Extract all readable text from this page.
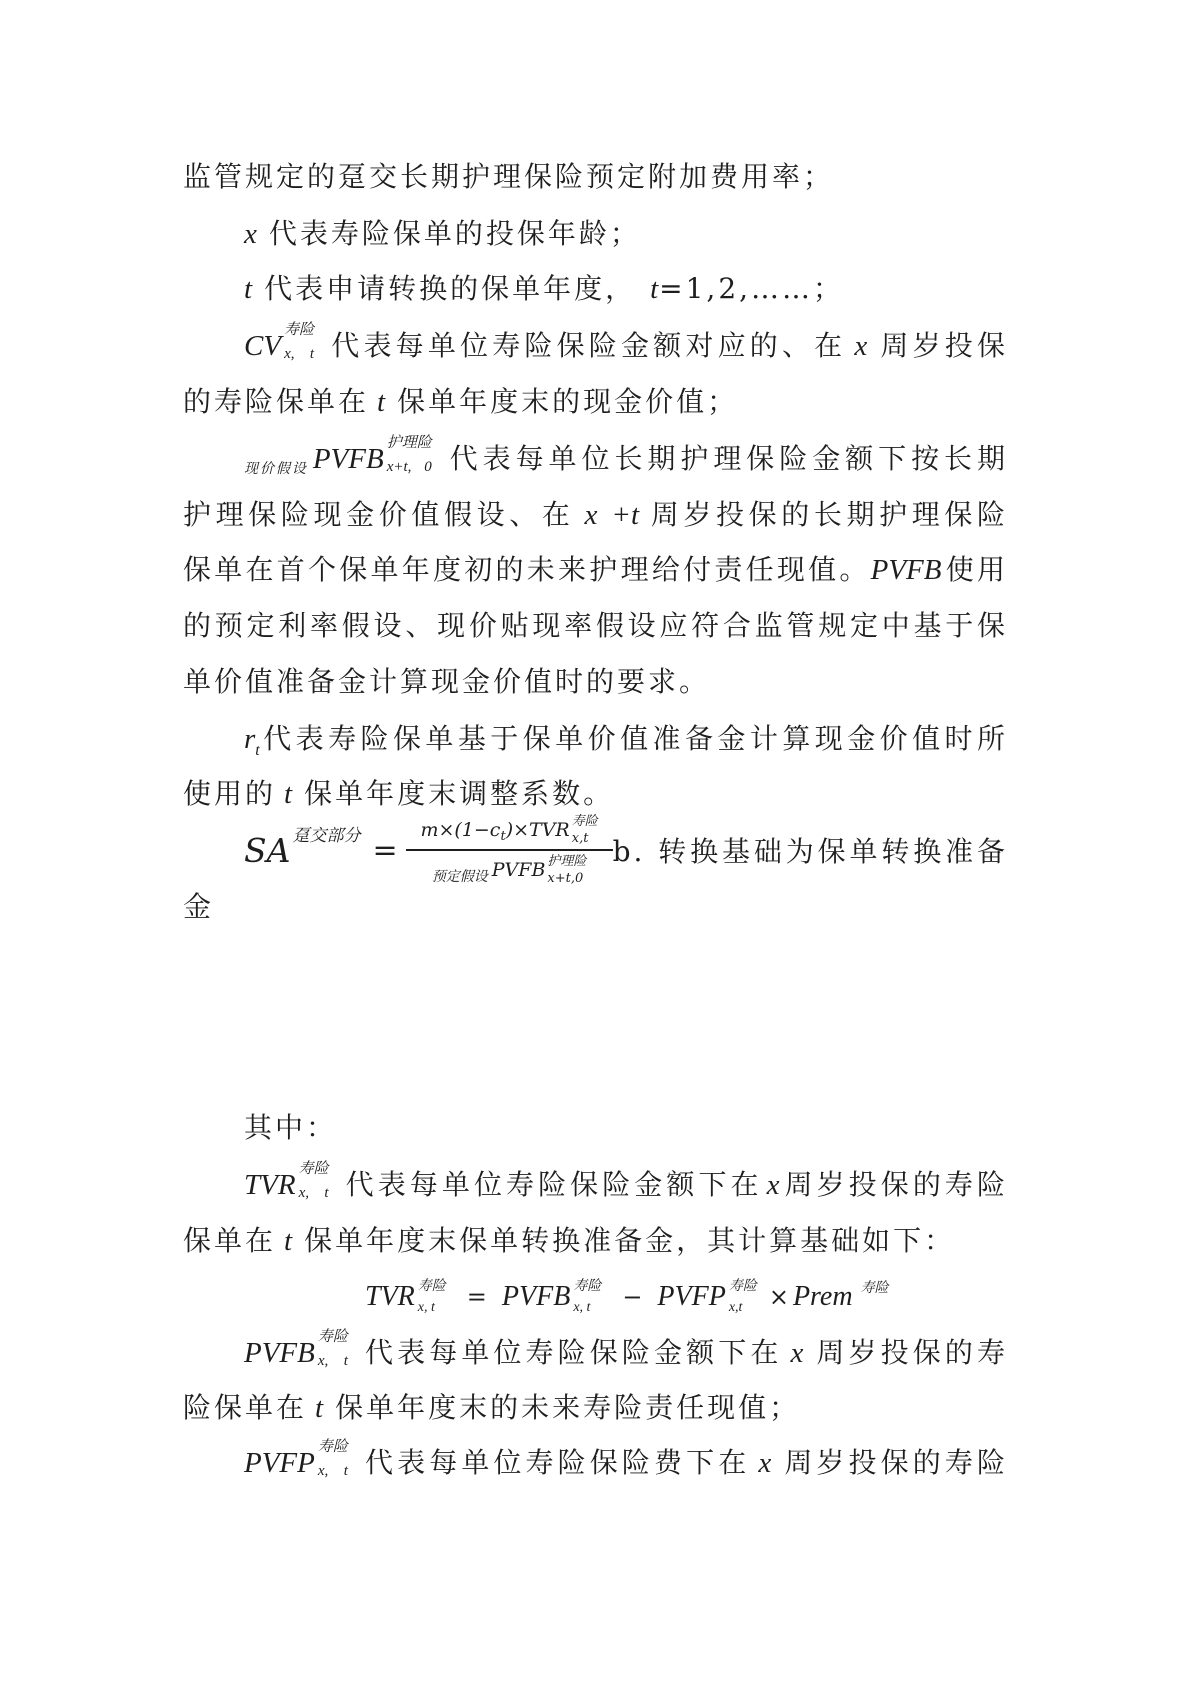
监管规定的趸交长期护理保险预定附加费用率；
x 代表寿险保单的投保年龄；
t 代表申请转换的保单年度， t=1,2,……；
CV
寿险
x, t 代表每单位寿险保险金额对应的、在 x 周岁投保
的寿险保单在 t 保单年度末的现金价值；
现价假设 PVFB
护理险
x+t, 0 代表每单位长期护理保险金额下按长期
护理保险现金价值假设、在 x +t 周岁投保的长期护理保险
保单在首个保单年度初的未来护理给付责任现值。PVFB 使用
的预定利率假设、现价贴现率假设应符合监管规定中基于保
单价值准备金计算现金价值时的要求。
$r_t$代表寿险保单基于保单价值准备金计算现金价值时所
使用的 t 保单年度末调整系数。
SA 趸交部分 = m×(1− c t )×TVR 寿险
x,t
预定假设 PVFB 护理险
x+t,0 b. 转换基础为保单转换准备
金
其中：
TVR
寿险
x, t 代表每单位寿险保险金额下在 x 周岁投保的寿险
保单在 t 保单年度末保单转换准备金，其计算基础如下：
TVR 寿险
x, t	= PVFB 寿险
x, t	− PVFP 寿险
x,t	× Prem 寿险
PVFB
寿险
x, t 代表每单位寿险保险金额下在 x 周岁投保的寿
险保单在 t 保单年度末的未来寿险责任现值；
PVFP
寿险
x, t 代表每单位寿险保险费下在 x 周岁投保的寿险
